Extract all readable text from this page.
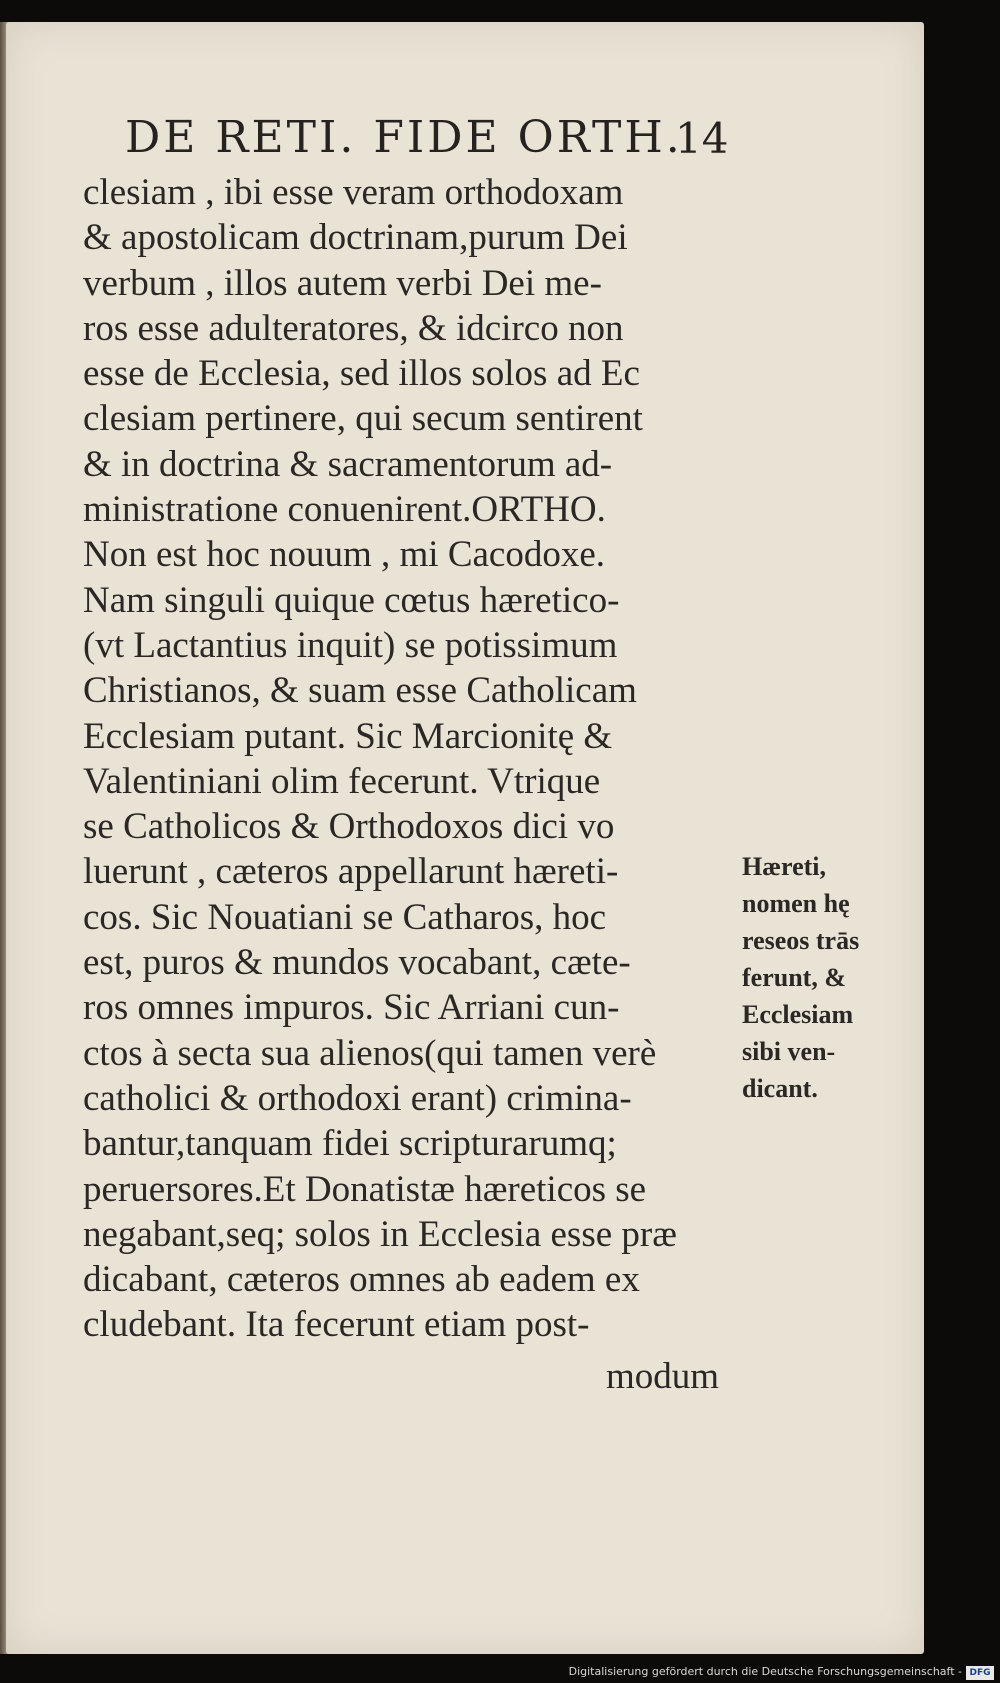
DE RETI. FIDE ORTH.
14
clesiam , ibi esse veram orthodoxam
& apostolicam doctrinam,purum Dei
verbum , illos autem verbi Dei me-
ros esse adulteratores, & idcirco non
esse de Ecclesia, sed illos solos ad Ec
clesiam pertinere, qui secum sentirent
& in doctrina & sacramentorum ad-
ministratione conuenirent.ORTHO.
Non est hoc nouum , mi Cacodoxe.
Nam singuli quique cœtus hæretico-
(vt Lactantius inquit) se potissimum
Christianos, & suam esse Catholicam
Ecclesiam putant. Sic Marcionitę &
Valentiniani olim fecerunt. Vtrique
se Catholicos & Orthodoxos dici vo
luerunt , cæteros appellarunt hæreti-
cos. Sic Nouatiani se Catharos, hoc
est, puros & mundos vocabant, cæte-
ros omnes impuros. Sic Arriani cun-
ctos à secta sua alienos(qui tamen verè
catholici & orthodoxi erant) crimina-
bantur,tanquam fidei scripturarumq;
peruersores.Et Donatistæ hæreticos se
negabant,seq; solos in Ecclesia esse præ
dicabant, cæteros omnes ab eadem ex
cludebant. Ita fecerunt etiam post-
modum
Hæreti,
nomen hę
reseos trās
ferunt, &
Ecclesiam
sibi ven-
dicant.
Digitalisierung gefördert durch die Deutsche Forschungsgemeinschaft - DFG
